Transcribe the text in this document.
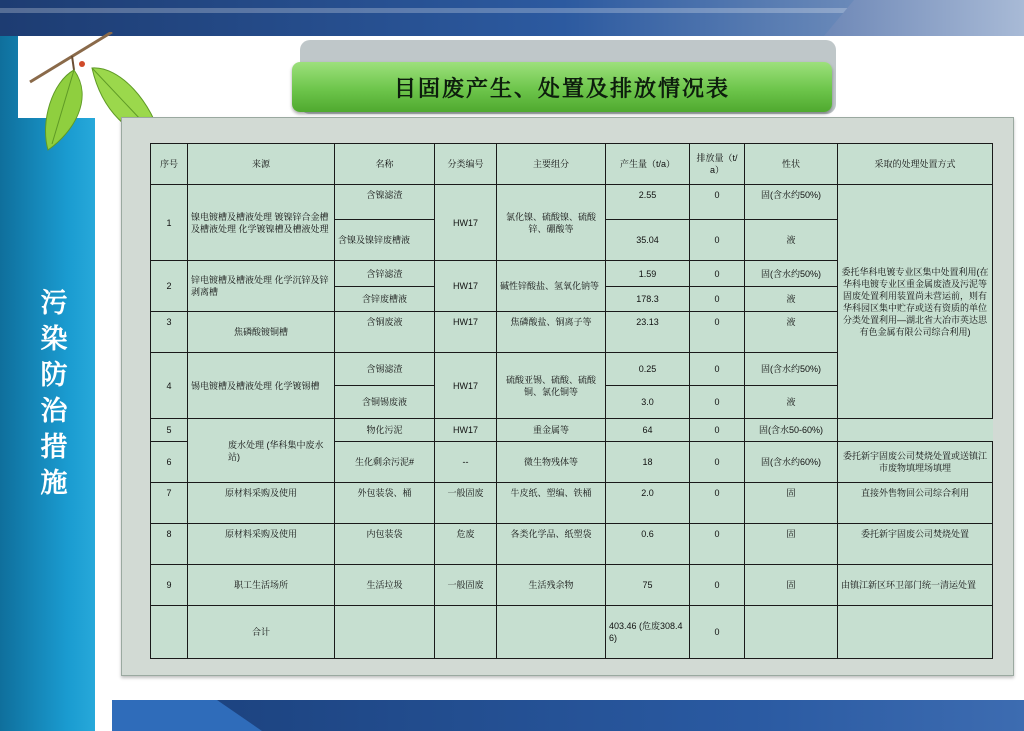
污
染
防
治
措
施
目固废产生、处置及排放情况表
序号	来源	名称	分类编号	主要组分	产生量（t/a）	排放量（t/a）	性状	采取的处理处置方式
1	镍电镀槽及槽液处理 镀镍锌合金槽及槽液处理 化学镀镍槽及槽液处理	含镍滤渣	HW17	氯化镍、硫酸镍、硫酸锌、硼酸等	2.55	0	固(含水约50%)	委托华科电镀专业区集中处置利用(在华科电镀专业区重金属废渣及污泥等固废处置利用装置尚未营运前，则有华科园区集中贮存或送有资质的单位分类处置利用—湖北省大冶市英达思有色金属有限公司综合利用)
		含镍及镍锌废槽液			35.04	0	液	
2	锌电镀槽及槽液处理 化学沉锌及锌剥离槽	含锌滤渣	HW17	碱性锌酸盐、氢氧化钠等	1.59	0	固(含水约50%)	
		含锌废槽液			178.3	0	液	
3	焦磷酸镀铜槽	含铜废液	HW17	焦磷酸盐、铜离子等	23.13	0	液	
4	锡电镀槽及槽液处理 化学镀锡槽	含锡滤渣	HW17	硫酸亚锡、硫酸、硫酸铜、氯化铜等	0.25	0	固(含水约50%)	
		含铜锡废液			3.0	0	液	
5	废水处理 (华科集中废水站)	物化污泥	HW17	重金属等	64	0	固(含水50-60%)	
6		生化剩余污泥#	--	微生物残体等	18	0	固(含水约60%)	委托新宇固废公司焚烧处置或送镇江市废物填埋场填埋
7	原材料采购及使用	外包装袋、桶	一般固废	牛皮纸、塑编、铁桶	2.0	0	固	直接外售物回公司综合利用
8	原材料采购及使用	内包装袋	危废	各类化学品、纸塑袋	0.6	0	固	委托新宇固废公司焚烧处置
9	职工生活场所	生活垃圾	一般固废	生活残余物	75	0	固	由镇江新区环卫部门统一清运处置
	合计				403.46 (危废308.46)	0		
